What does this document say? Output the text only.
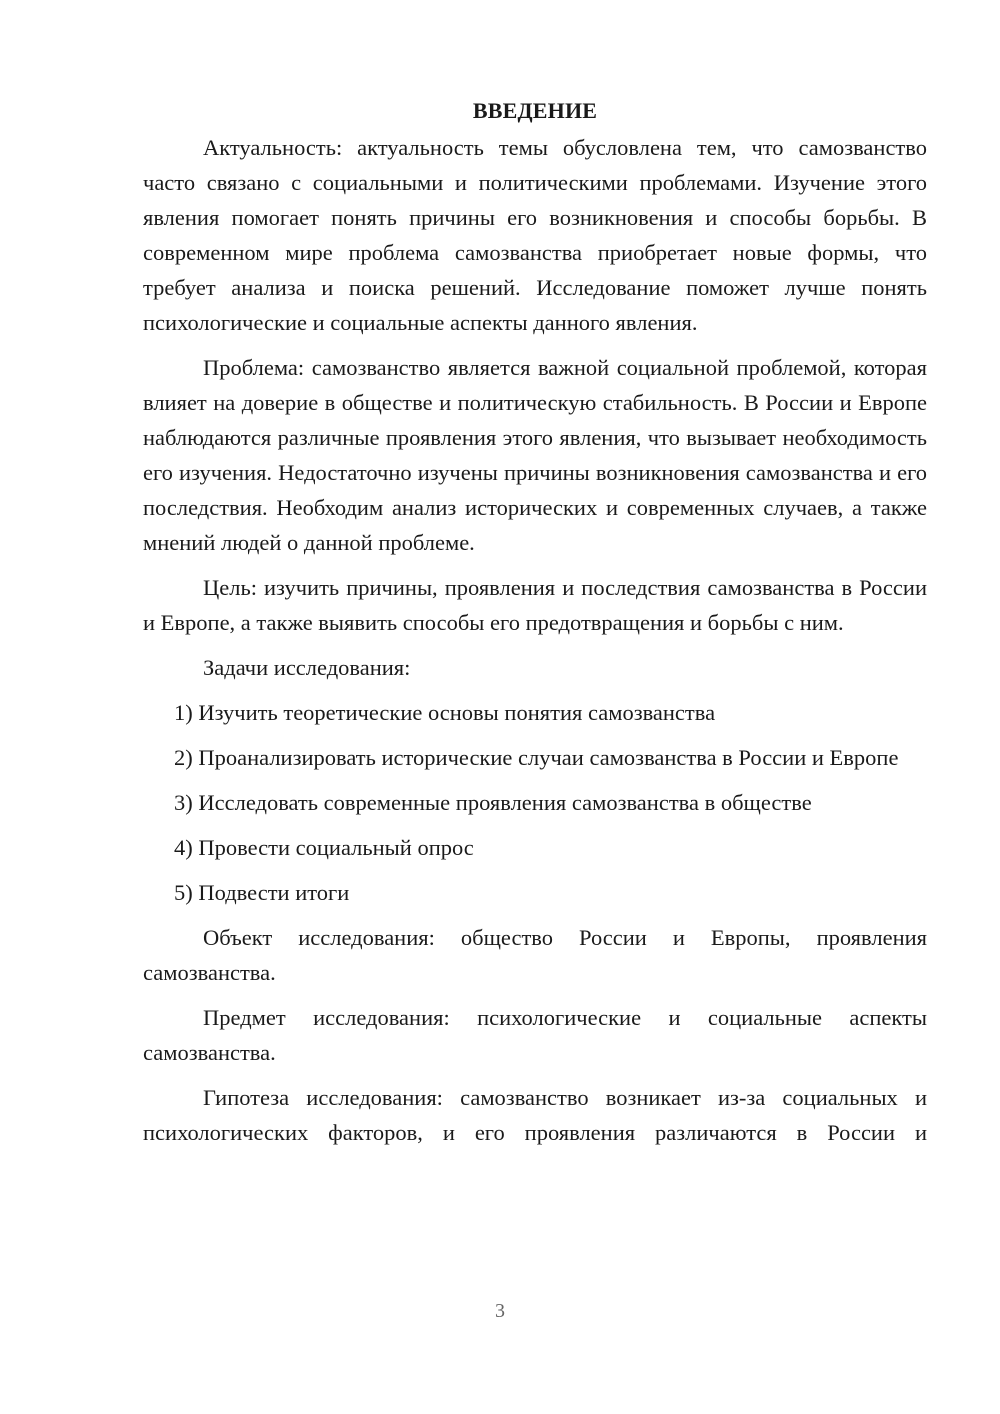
ВВЕДЕНИЕ

Актуальность: актуальность темы обусловлена тем, что самозванство часто связано с социальными и политическими проблемами. Изучение этого явления помогает понять причины его возникновения и способы борьбы. В современном мире проблема самозванства приобретает новые формы, что требует анализа и поиска решений. Исследование поможет лучше понять психологические и социальные аспекты данного явления.

Проблема: самозванство является важной социальной проблемой, которая влияет на доверие в обществе и политическую стабильность. В России и Европе наблюдаются различные проявления этого явления, что вызывает необходимость его изучения. Недостаточно изучены причины возникновения самозванства и его последствия. Необходим анализ исторических и современных случаев, а также мнений людей о данной проблеме.

Цель: изучить причины, проявления и последствия самозванства в России и Европе, а также выявить способы его предотвращения и борьбы с ним.

Задачи исследования:

1) Изучить теоретические основы понятия самозванства

2) Проанализировать исторические случаи самозванства в России и Европе

3) Исследовать современные проявления самозванства в обществе

4) Провести социальный опрос

5) Подвести итоги

Объект исследования: общество России и Европы, проявления самозванства.

Предмет исследования: психологические и социальные аспекты самозванства.

Гипотеза исследования: самозванство возникает из-за социальных и психологических факторов, и его проявления различаются в России и

3
